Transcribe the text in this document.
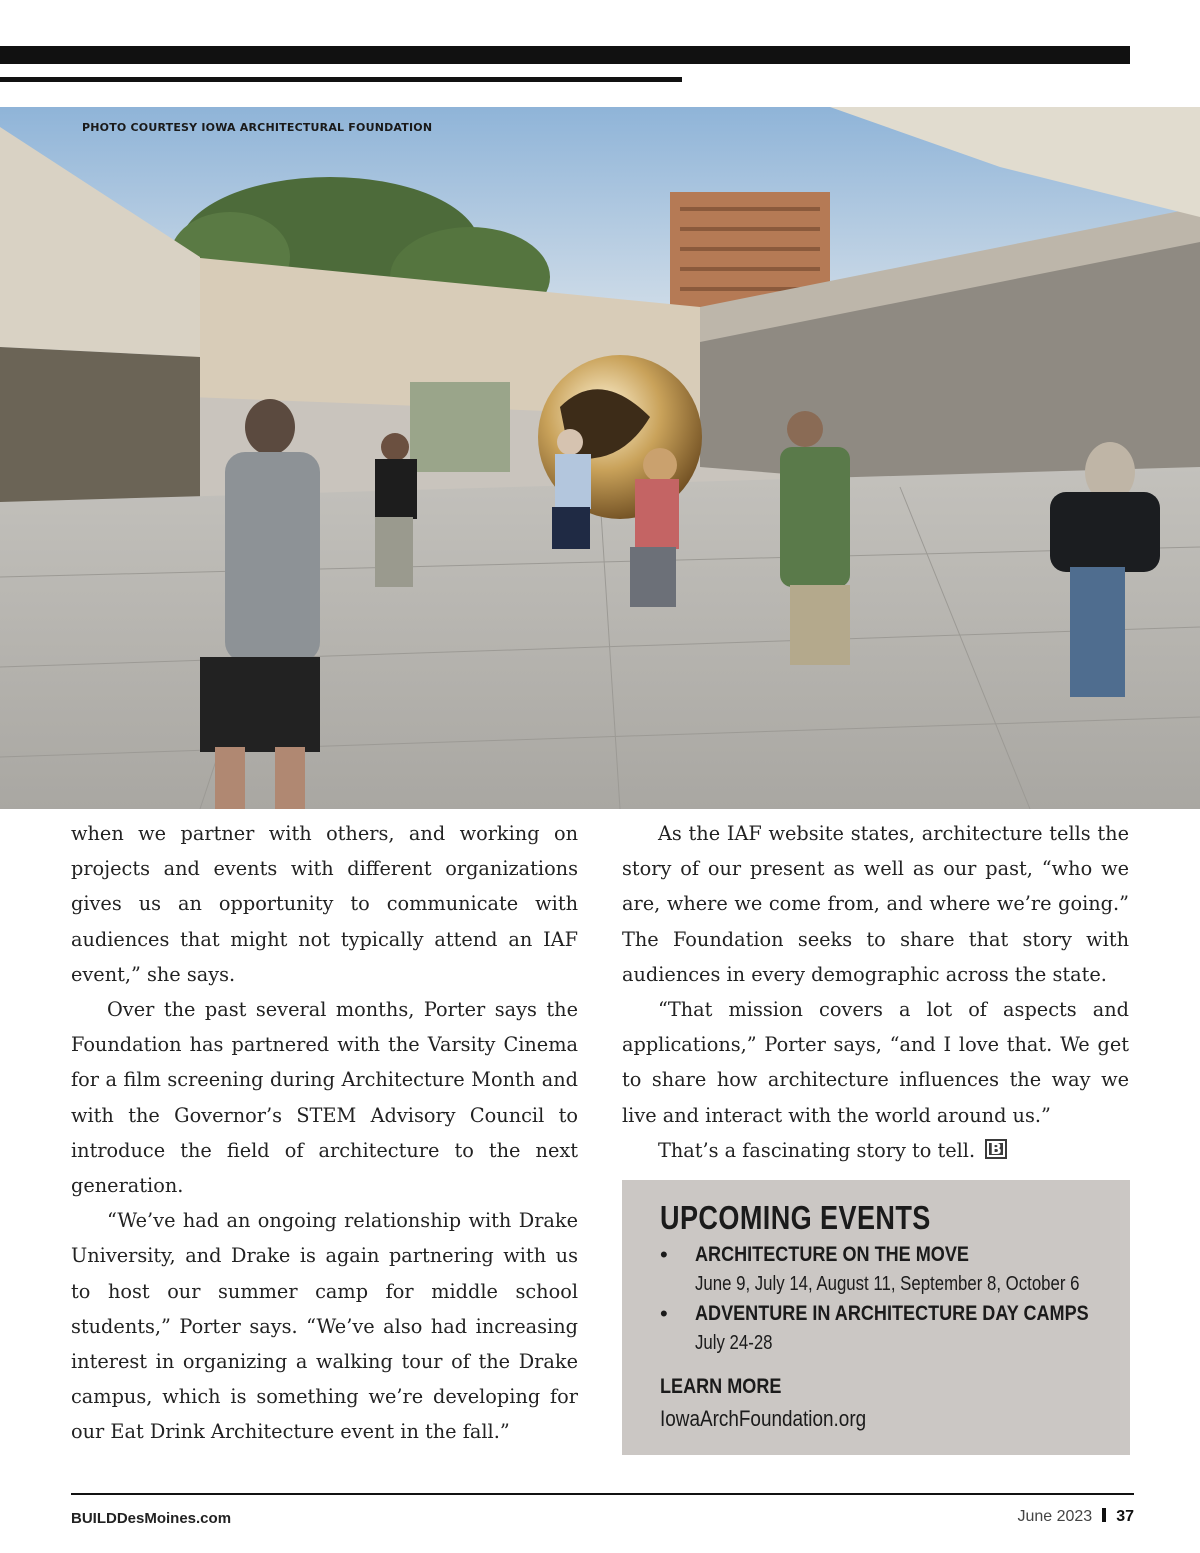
PHOTO COURTESY IOWA ARCHITECTURAL FOUNDATION

when we partner with others, and working on projects and events with different organizations gives us an opportunity to communicate with audiences that might not typically attend an IAF event,” she says.

Over the past several months, Porter says the Foundation has partnered with the Varsity Cinema for a film screening during Architecture Month and with the Governor’s STEM Advisory Council to introduce the field of architecture to the next generation.

“We’ve had an ongoing relationship with Drake University, and Drake is again partnering with us to host our summer camp for middle school students,” Porter says. “We’ve also had increasing interest in organizing a walking tour of the Drake campus, which is something we’re developing for our Eat Drink Architecture event in the fall.”

As the IAF website states, architecture tells the story of our present as well as our past, “who we are, where we come from, and where we’re going.” The Foundation seeks to share that story with audiences in every demographic across the state.

“That mission covers a lot of aspects and applications,” Porter says, “and I love that. We get to share how architecture influences the way we live and interact with the world around us.”

That’s a fascinating story to tell. B

UPCOMING EVENTS
• ARCHITECTURE ON THE MOVE
June 9, July 14, August 11, September 8, October 6
• ADVENTURE IN ARCHITECTURE DAY CAMPS
July 24-28
LEARN MORE
IowaArchFoundation.org
BUILDDesMoines.com	June 2023 37
